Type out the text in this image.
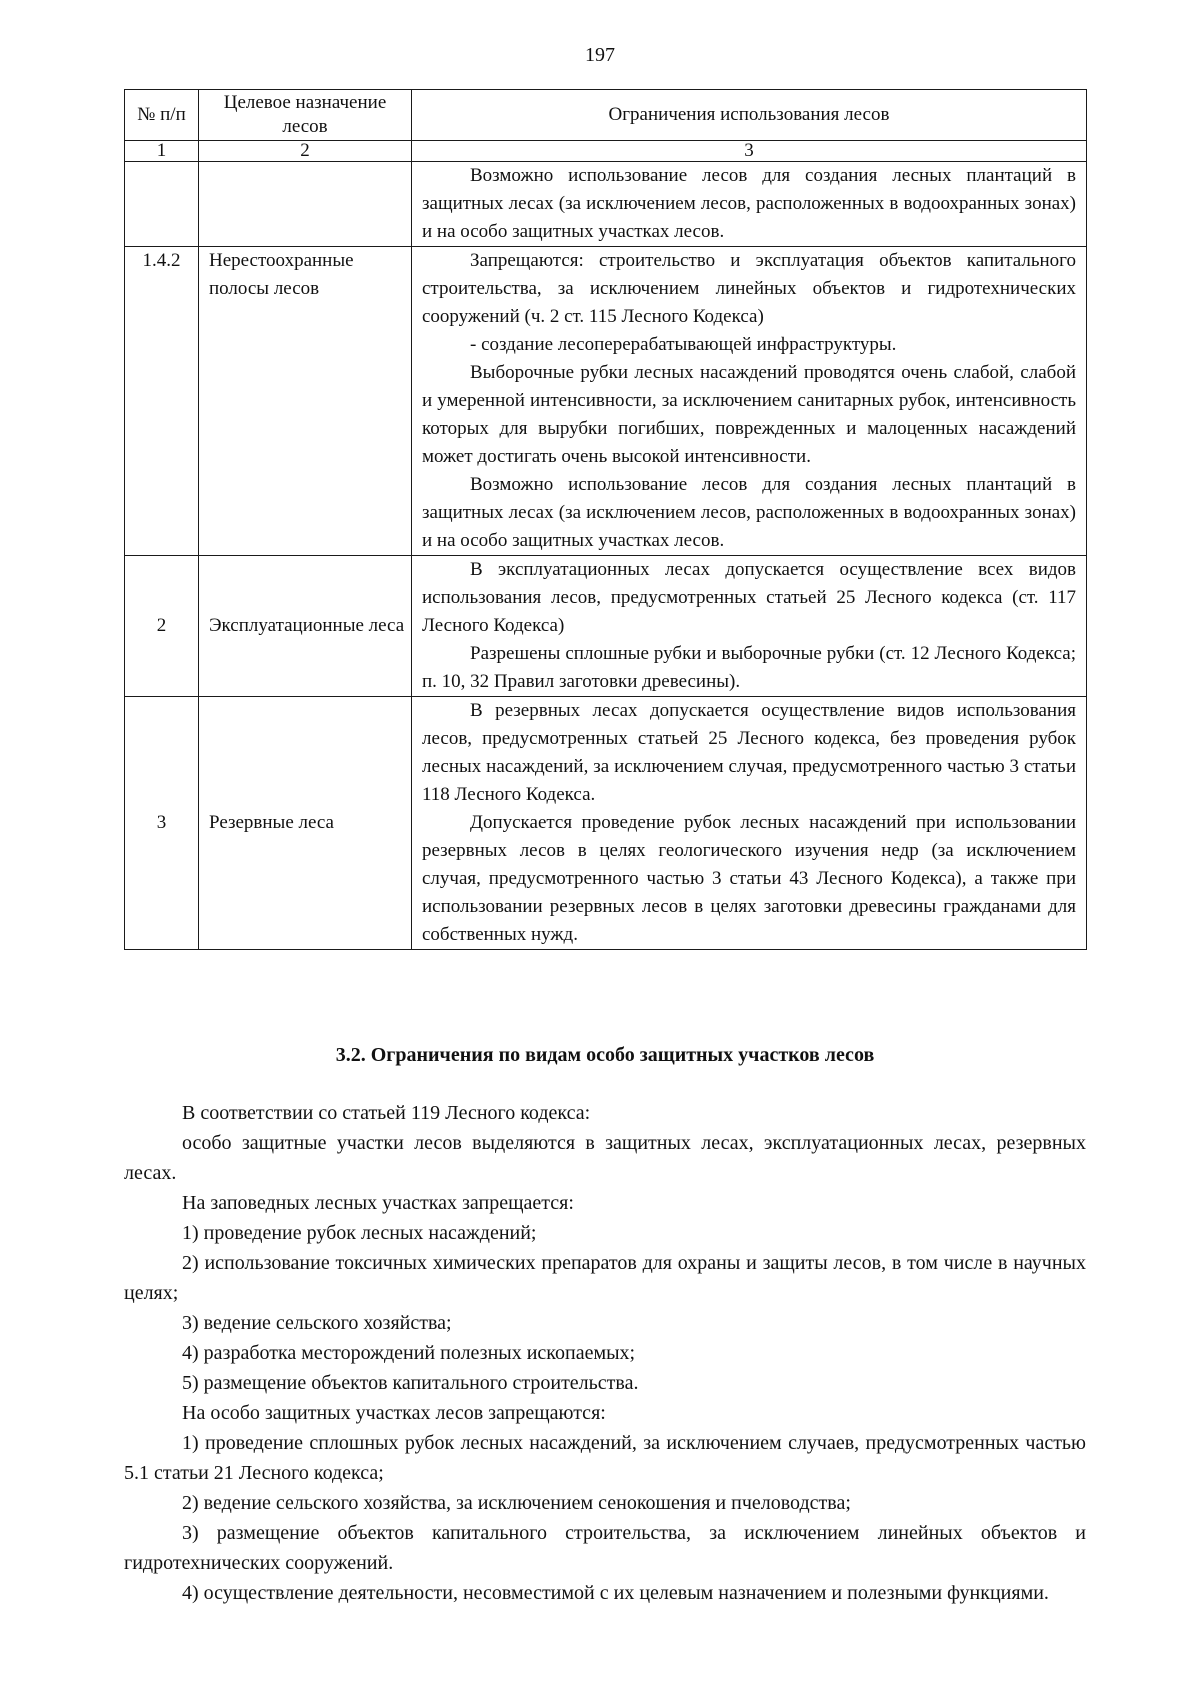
197
№ п/п	Целевое назначение лесов	Ограничения использования лесов
1	2	3

		Возможно использование лесов для создания лесных плантаций в защитных лесах (за исключением лесов, расположенных в водоохранных зонах) и на особо защитных участках лесов.

1.4.2	Нерестоохранные полосы лесов	Запрещаются: строительство и эксплуатация объектов капитального строительства, за исключением линейных объектов и гидротехнических сооружений (ч. 2 ст. 115 Лесного Кодекса)

- создание лесоперерабатывающей инфраструктуры.

Выборочные рубки лесных насаждений проводятся очень слабой, слабой и умеренной интенсивности, за исключением санитарных рубок, интенсивность которых для вырубки погибших, поврежденных и малоценных насаждений может достигать очень высокой интенсивности.

Возможно использование лесов для создания лесных плантаций в защитных лесах (за исключением лесов, расположенных в водоохранных зонах) и на особо защитных участках лесов.

2	Эксплуатационные леса	В эксплуатационных лесах допускается осуществление всех видов использования лесов, предусмотренных статьей 25 Лесного кодекса (ст. 117 Лесного Кодекса)

Разрешены сплошные рубки и выборочные рубки (ст. 12 Лесного Кодекса; п. 10, 32 Правил заготовки древесины).

3	Резервные леса	В резервных лесах допускается осуществление видов использования лесов, предусмотренных статьей 25 Лесного кодекса, без проведения рубок лесных насаждений, за исключением случая, предусмотренного частью 3 статьи 118 Лесного Кодекса.

Допускается проведение рубок лесных насаждений при использовании резервных лесов в целях геологического изучения недр (за исключением случая, предусмотренного частью 3 статьи 43 Лесного Кодекса), а также при использовании резервных лесов в целях заготовки древесины гражданами для собственных нужд.

3.2. Ограничения по видам особо защитных участков лесов

В соответствии со статьей 119 Лесного кодекса:

особо защитные участки лесов выделяются в защитных лесах, эксплуатационных лесах, резервных лесах.

На заповедных лесных участках запрещается:

1) проведение рубок лесных насаждений;

2) использование токсичных химических препаратов для охраны и защиты лесов, в том числе в научных целях;

3) ведение сельского хозяйства;

4) разработка месторождений полезных ископаемых;

5) размещение объектов капитального строительства.

На особо защитных участках лесов запрещаются:

1) проведение сплошных рубок лесных насаждений, за исключением случаев, предусмотренных частью 5.1 статьи 21 Лесного кодекса;

2) ведение сельского хозяйства, за исключением сенокошения и пчеловодства;

3) размещение объектов капитального строительства, за исключением линейных объектов и гидротехнических сооружений.

4) осуществление деятельности, несовместимой с их целевым назначением и полезными функциями.
